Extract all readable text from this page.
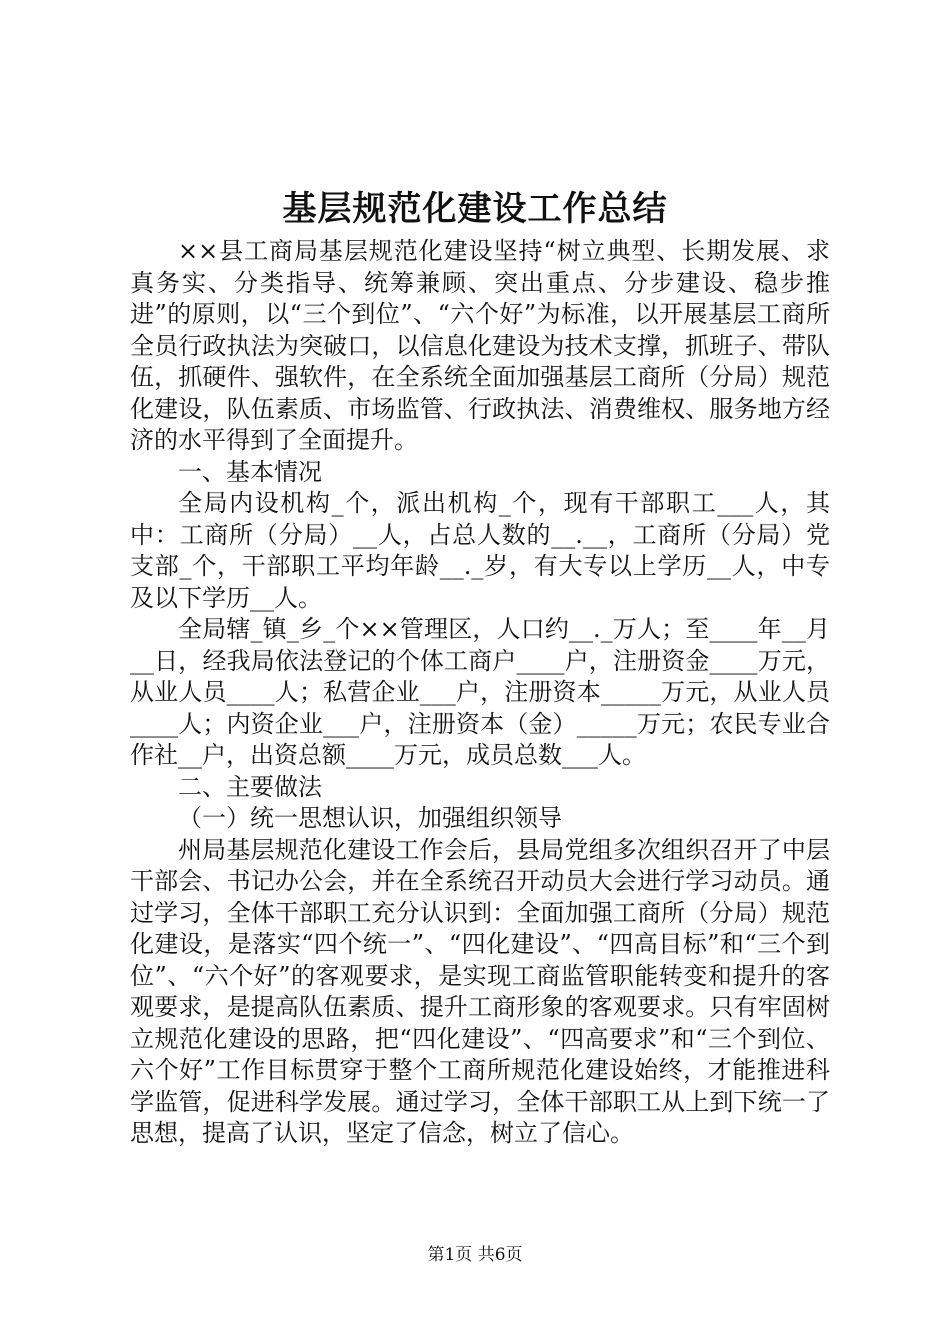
基层规范化建设工作总结

××县工商局基层规范化建设坚持“树立典型、长期发展、求真务实、分类指导、统筹兼顾、突出重点、分步建设、稳步推进”的原则，以“三个到位”、“六个好”为标准，以开展基层工商所全员行政执法为突破口，以信息化建设为技术支撑，抓班子、带队伍，抓硬件、强软件，在全系统全面加强基层工商所（分局）规范化建设，队伍素质、市场监管、行政执法、消费维权、服务地方经济的水平得到了全面提升。

一、基本情况

全局内设机构_个，派出机构_个，现有干部职工___人，其中：工商所（分局）__人，占总人数的__.__，工商所（分局）党支部_个，干部职工平均年龄__._岁，有大专以上学历__人，中专及以下学历__人。

全局辖_镇_乡_个××管理区，人口约__._万人；至____年__月__日，经我局依法登记的个体工商户____户，注册资金____万元，从业人员____人；私营企业___户，注册资本_____万元，从业人员____人；内资企业___户，注册资本（金）_____万元；农民专业合作社__户，出资总额____万元，成员总数___人。

二、主要做法

（一）统一思想认识，加强组织领导

州局基层规范化建设工作会后，县局党组多次组织召开了中层干部会、书记办公会，并在全系统召开动员大会进行学习动员。通过学习，全体干部职工充分认识到：全面加强工商所（分局）规范化建设，是落实“四个统一”、“四化建设”、“四高目标”和“三个到位”、“六个好”的客观要求，是实现工商监管职能转变和提升的客观要求，是提高队伍素质、提升工商形象的客观要求。只有牢固树立规范化建设的思路，把“四化建设”、“四高要求”和“三个到位、六个好”工作目标贯穿于整个工商所规范化建设始终，才能推进科学监管，促进科学发展。通过学习，全体干部职工从上到下统一了思想，提高了认识，坚定了信念，树立了信心。

第1页 共6页
